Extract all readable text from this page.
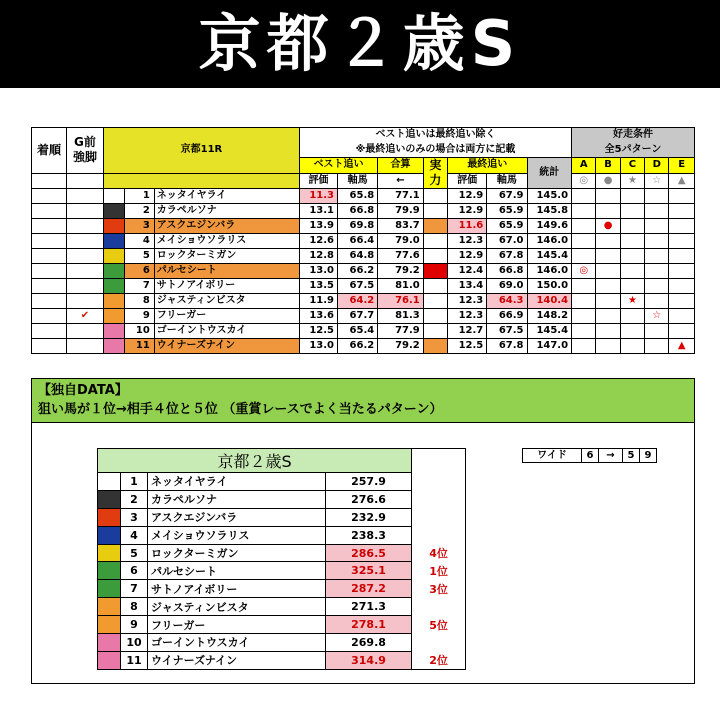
京都２歳S
着順	G前強脚	京都11R			ベスト追いは最終追い除く							好走条件				
					※最終追いのみの場合は両方に記載							全5パターン				
					ベスト追い		合算	実力	最終追い		統計	A	B	C	D	E
					評価	軸馬	←		評価	軸馬		◎	●	★	☆	▲
			1	ネッタイヤライ	11.3	65.8	77.1		12.9	67.9	145.0					
			2	カラペルソナ	13.1	66.8	79.9		12.9	65.9	145.8					
			3	アスクエジンバラ	13.9	69.8	83.7		11.6	65.9	149.6		●			
			4	メイショウソラリス	12.6	66.4	79.0		12.3	67.0	146.0					
			5	ロックターミガン	12.8	64.8	77.6		12.9	67.8	145.4					
			6	パルセシート	13.0	66.2	79.2		12.4	66.8	146.0	◎				
			7	サトノアイボリー	13.5	67.5	81.0		13.4	69.0	150.0					
			8	ジャスティンビスタ	11.9	64.2	76.1		12.3	64.3	140.4			★		
	✔		9	フリーガー	13.6	67.7	81.3		12.3	66.9	148.2				☆	
			10	ゴーイントウスカイ	12.5	65.4	77.9		12.7	67.5	145.4					
			11	ウイナーズナイン	13.0	66.2	79.2		12.5	67.8	147.0					▲
【独自DATA】
狙い馬が１位→相手４位と５位 （重賞レースでよく当たるパターン）
京都２歳S				
	1	ネッタイヤライ	257.9	
	2	カラペルソナ	276.6	
	3	アスクエジンバラ	232.9	
	4	メイショウソラリス	238.3	
	5	ロックターミガン	286.5	4位
	6	パルセシート	325.1	1位
	7	サトノアイボリー	287.2	3位
	8	ジャスティンビスタ	271.3	
	9	フリーガー	278.1	5位
	10	ゴーイントウスカイ	269.8	
	11	ウイナーズナイン	314.9	2位
ワイド	6	→	5	9
